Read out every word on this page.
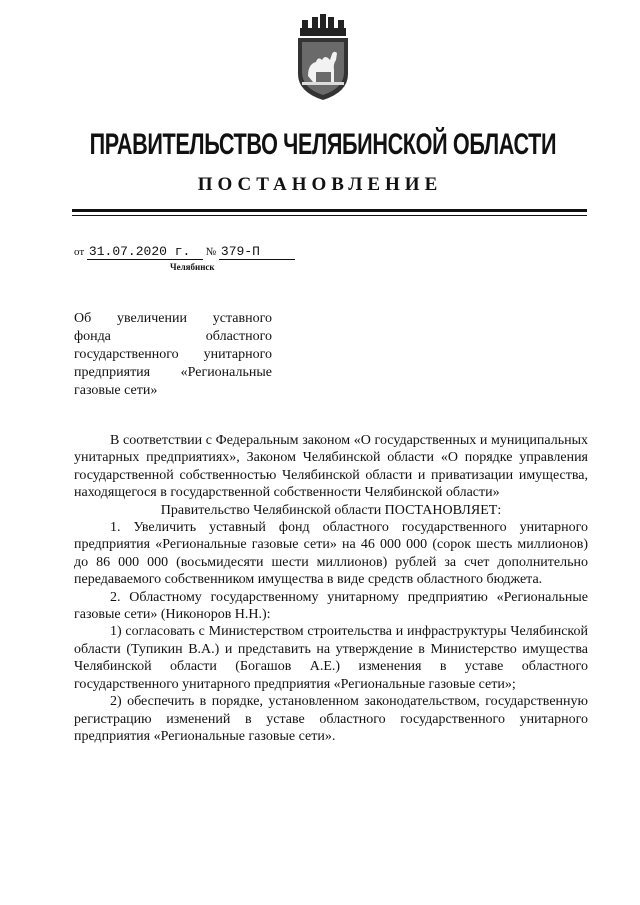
ПРАВИТЕЛЬСТВО ЧЕЛЯБИНСКОЙ ОБЛАСТИ
ПОСТАНОВЛЕНИЕ
от 31.07.2020 г. № 379-П
Челябинск

Об увеличении уставного

фонда областного

государственного унитарного

предприятия «Региональные

газовые сети»

В соответствии с Федеральным законом «О государственных и муниципальных унитарных предприятиях», Законом Челябинской области «О порядке управления государственной собственностью Челябинской области и приватизации имущества, находящегося в государственной собственности Челябинской области»

Правительство Челябинской области ПОСТАНОВЛЯЕТ:

1. Увеличить уставный фонд областного государственного унитарного предприятия «Региональные газовые сети» на 46 000 000 (сорок шесть миллионов) до 86 000 000 (восьмидесяти шести миллионов) рублей за счет дополнительно передаваемого собственником имущества в виде средств областного бюджета.

2. Областному государственному унитарному предприятию «Региональные газовые сети» (Никоноров Н.Н.):

1) согласовать с Министерством строительства и инфраструктуры Челябинской области (Тупикин В.А.) и представить на утверждение в Министерство имущества Челябинской области (Богашов А.Е.) изменения в уставе областного государственного унитарного предприятия «Региональные газовые сети»;

2) обеспечить в порядке, установленном законодательством, государственную регистрацию изменений в уставе областного государственного унитарного предприятия «Региональные газовые сети».
